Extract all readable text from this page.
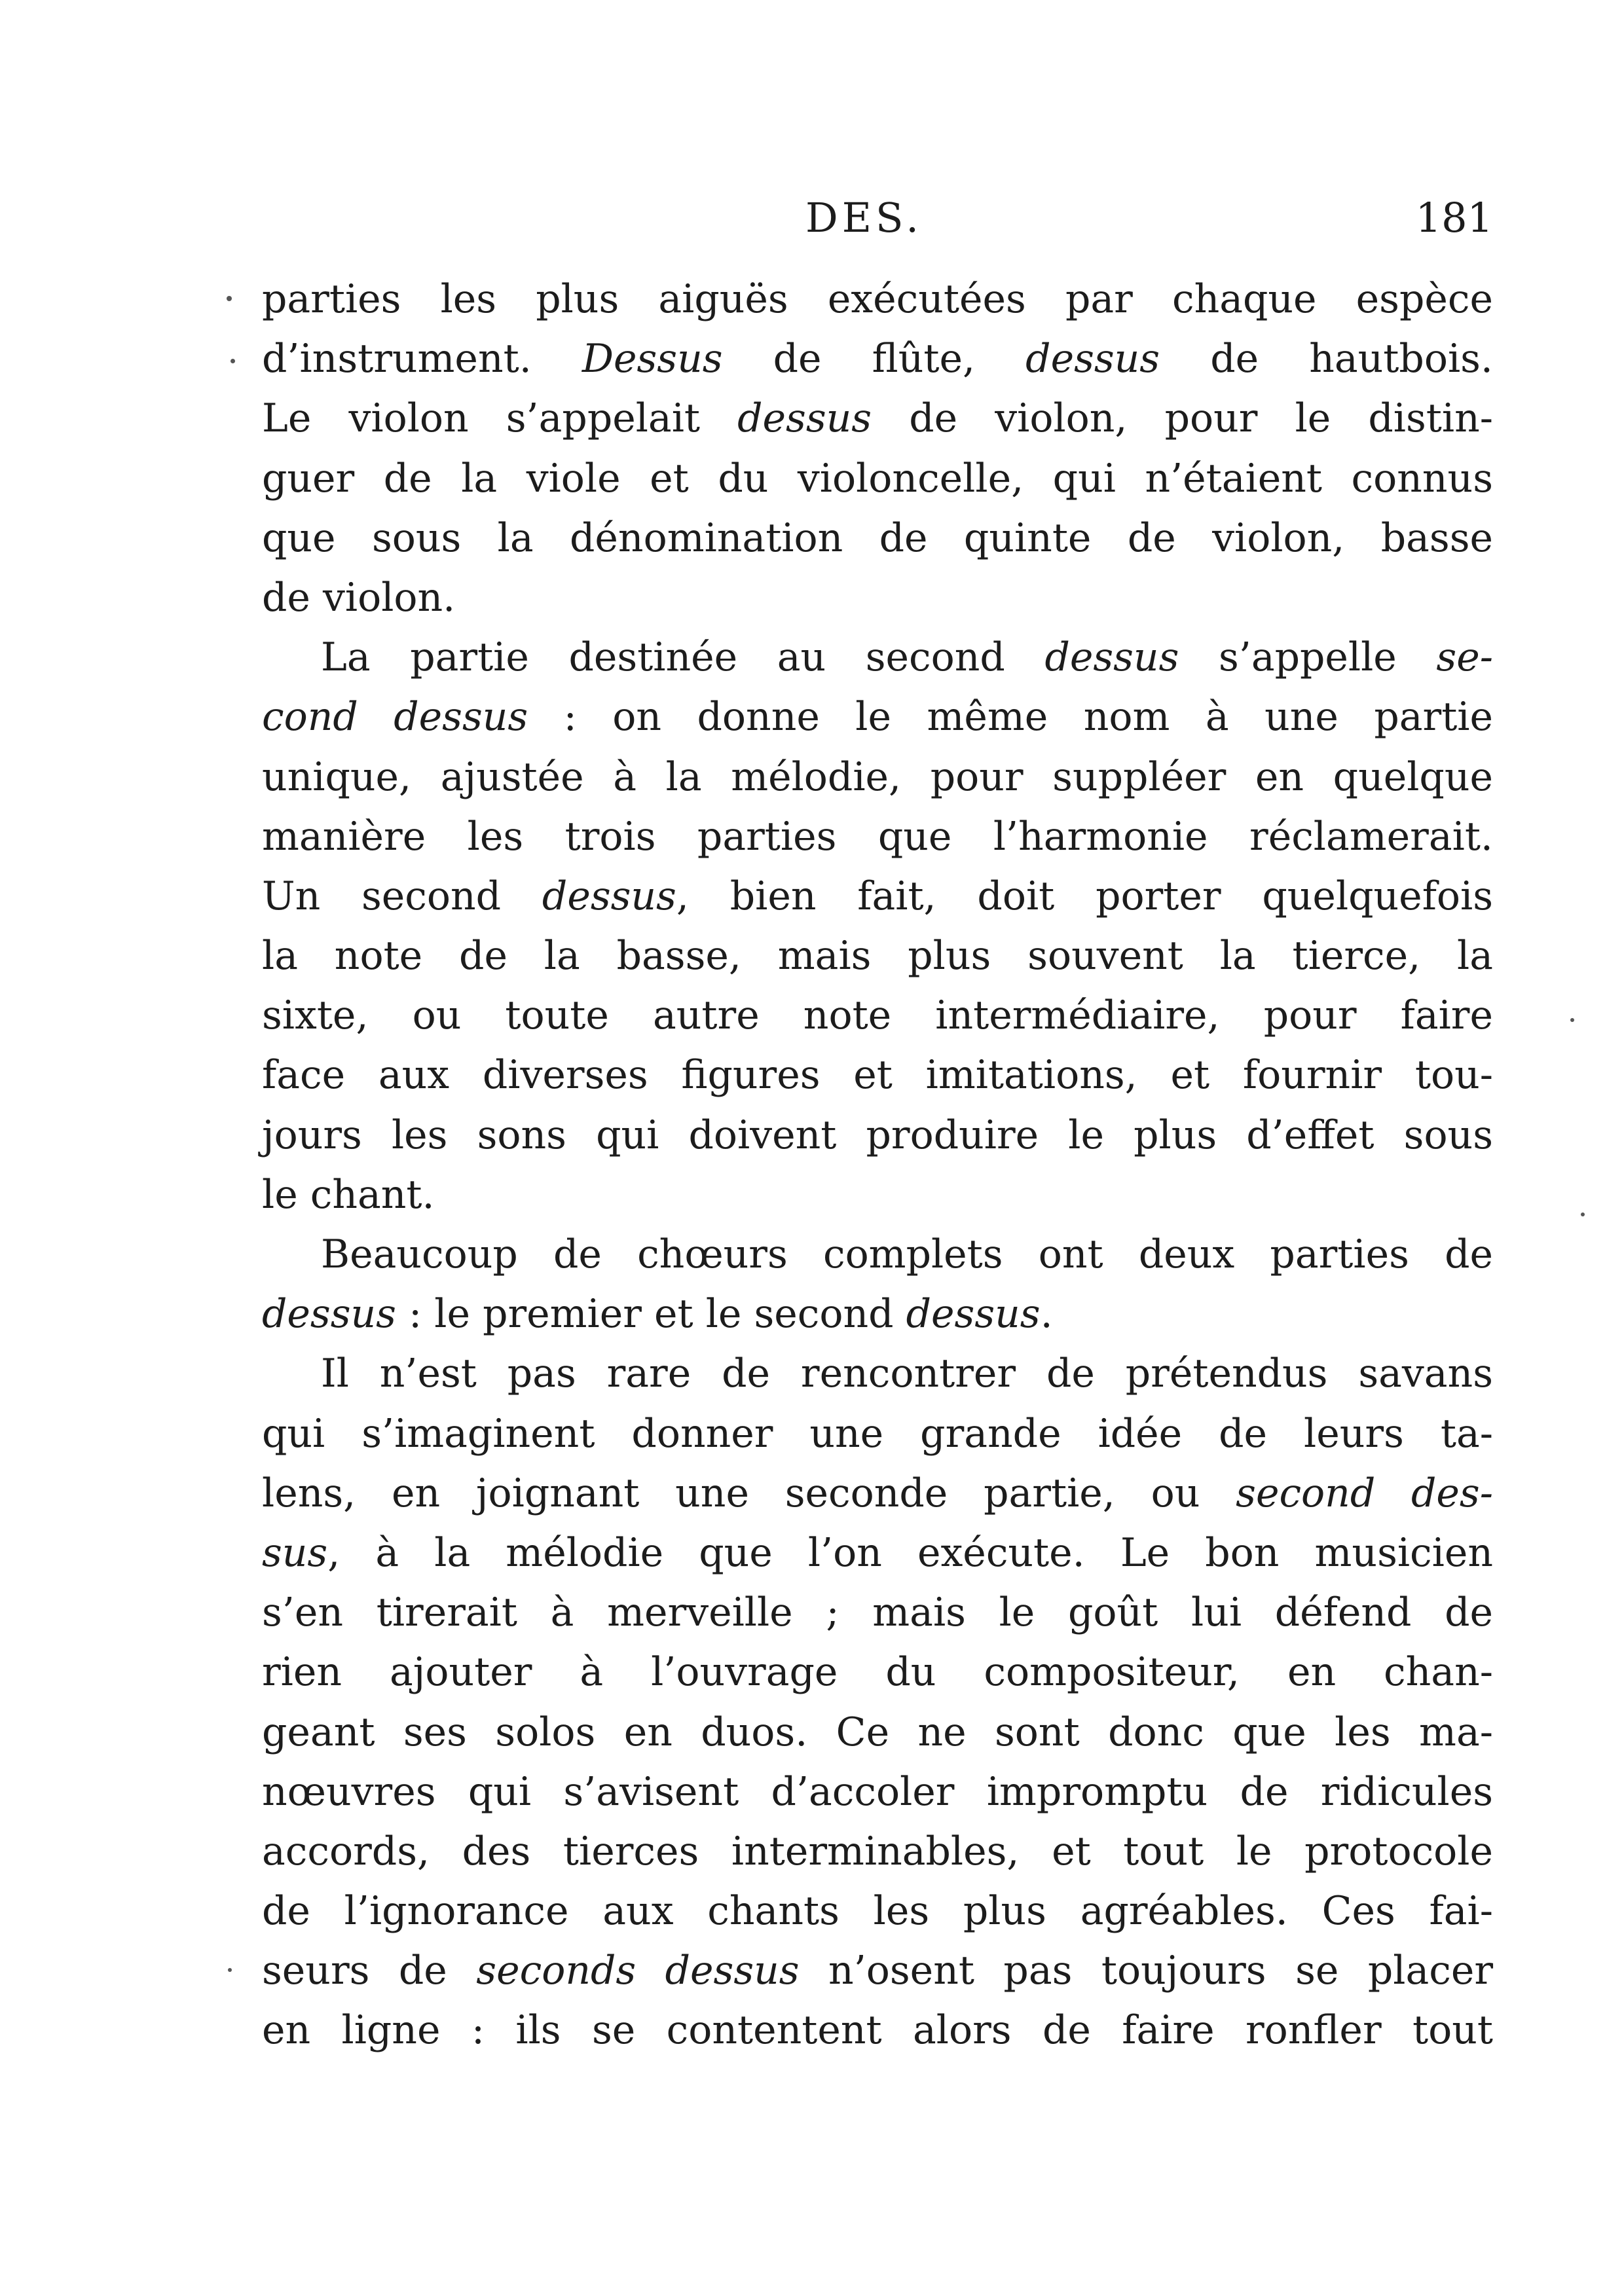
DES.	181
parties les plus aiguës exécutées par chaque espèce
d’instrument. Dessus de flûte, dessus de hautbois.
Le violon s’appelait dessus de violon, pour le distin-
guer de la viole et du violoncelle, qui n’étaient connus
que sous la dénomination de quinte de violon, basse
de violon.
La partie destinée au second dessus s’appelle se-
cond dessus : on donne le même nom à une partie
unique, ajustée à la mélodie, pour suppléer en quelque
manière les trois parties que l’harmonie réclamerait.
Un second dessus, bien fait, doit porter quelquefois
la note de la basse, mais plus souvent la tierce, la
sixte, ou toute autre note intermédiaire, pour faire
face aux diverses figures et imitations, et fournir tou-
jours les sons qui doivent produire le plus d’effet sous
le chant.
Beaucoup de chœurs complets ont deux parties de
dessus : le premier et le second dessus.
Il n’est pas rare de rencontrer de prétendus savans
qui s’imaginent donner une grande idée de leurs ta-
lens, en joignant une seconde partie, ou second des-
sus, à la mélodie que l’on exécute. Le bon musicien
s’en tirerait à merveille ; mais le goût lui défend de
rien ajouter à l’ouvrage du compositeur, en chan-
geant ses solos en duos. Ce ne sont donc que les ma-
nœuvres qui s’avisent d’accoler impromptu de ridicules
accords, des tierces interminables, et tout le protocole
de l’ignorance aux chants les plus agréables. Ces fai-
seurs de seconds dessus n’osent pas toujours se placer
en ligne : ils se contentent alors de faire ronfler tout
